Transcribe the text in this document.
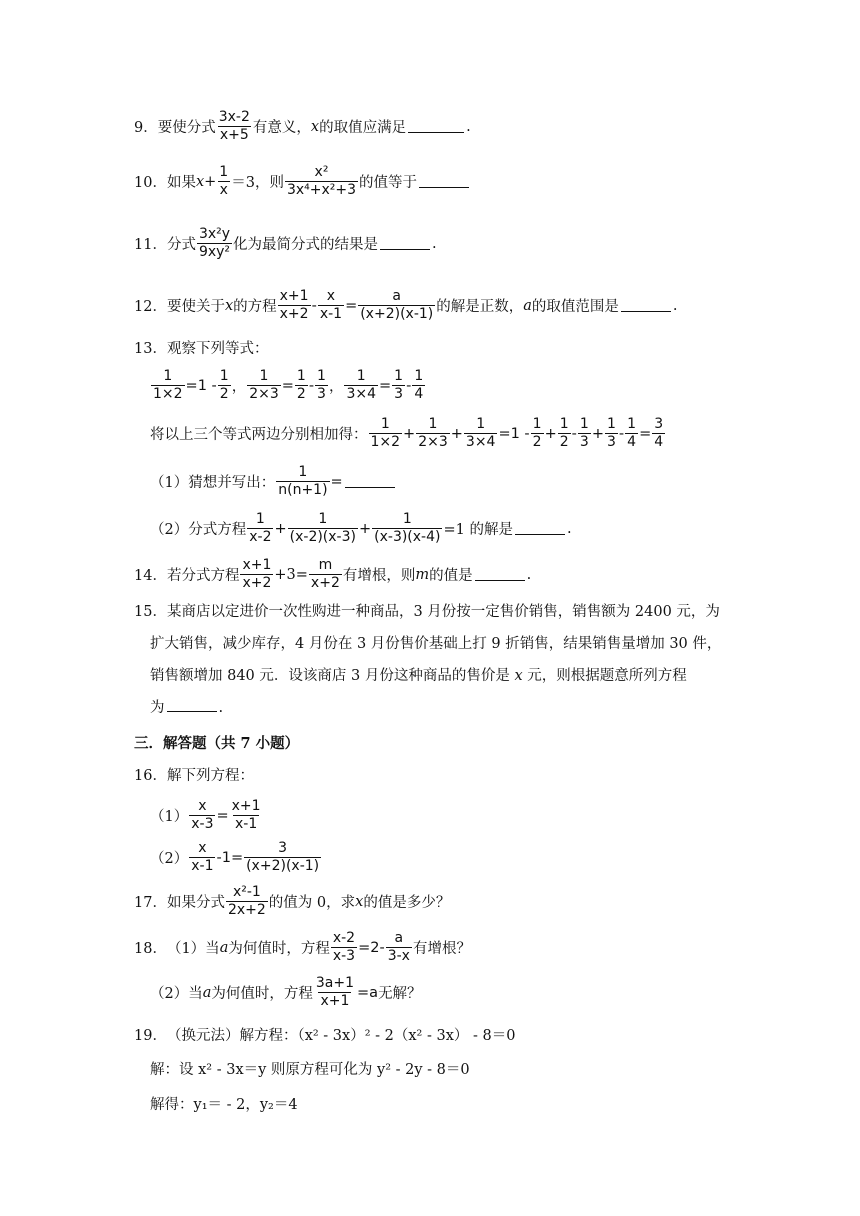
9． 要使分式 $\frac{3x-2}{x+5}$ 有意义， x 的取值应满足	.
10． 如果 $x + \frac{1}{x} =3$，则 $\frac{\text{x²}}{\text{3x⁴+x²+3}}$ 的值等于
11． 分式 $\frac{\text{3x²y}}{\text{9xy²}}$ 化为最简分式的结果是	.
12． 要使关于 x 的方程 $\frac{x+1}{x+2} - \frac{x}{x-1} = \frac{a}{(x+2)(x-1)}$ 的解是正数， a 的取值范围是	.
13． 观察下列等式：
$\frac{1}{1\times 2} =1 - \frac{1}{2}$ ， $\frac{1}{2\times 3} = \frac{1}{2} - \frac{1}{3}$ ， $\frac{1}{3\times 4} = \frac{1}{3} - \frac{1}{4}$
将以上三个等式两边分别相加得： $\frac{1}{1\times 2} + \frac{1}{2\times 3} + \frac{1}{3\times 4} =1 - \frac{1}{2} + \frac{1}{2} - \frac{1}{3} + \frac{1}{3} - \frac{1}{4} = \frac{3}{4}$
（1）猜想并写出： $\frac{1}{n(n+1)}$ =
（2）分式方程 $\frac{1}{x-2} + \frac{1}{(x-2)(x-3)} + \frac{1}{(x-3)(x-4)} =1$ 的解是	.
14． 若分式方程 $\frac{x+1}{x+2} +3= \frac{m}{x+2}$ 有增根，则 m 的值是	.
15．某商店以定进价一次性购进一种商品，3 月份按一定售价销售，销售额为 2400 元，为
扩大销售，减少库存，4 月份在 3 月份售价基础上打 9 折销售，结果销售量增加 30 件，
销售额增加 840 元．设该商店 3 月份这种商品的售价是 x 元，则根据题意所列方程
为	.
三．解答题（共 7 小题）
16． 解下列方程：
$(1) \frac{x}{x-3} = \frac{x+1}{x-1}$
$(2) \frac{x}{x-1} -1= \frac{3}{(x+2)(x-1)}$
17． 如果分式 $\frac{\text{x²-1}}{2x+2}$ 的值为 0，求 x 的值是多少？
18． （1）当 a 为何值时，方程 $\frac{x-2}{x-3} =2- \frac{a}{3-x}$ 有增根？
（2）当 a 为何值时，方程 $\frac{3a+1}{x+1} =a$ 无解？
19． （换元法）解方程：（x² - 3x）² - 2（x² - 3x） - 8＝0
解：设 x² - 3x＝y 则原方程可化为 y² - 2y - 8＝0
解得：y₁＝ - 2，y₂＝4
